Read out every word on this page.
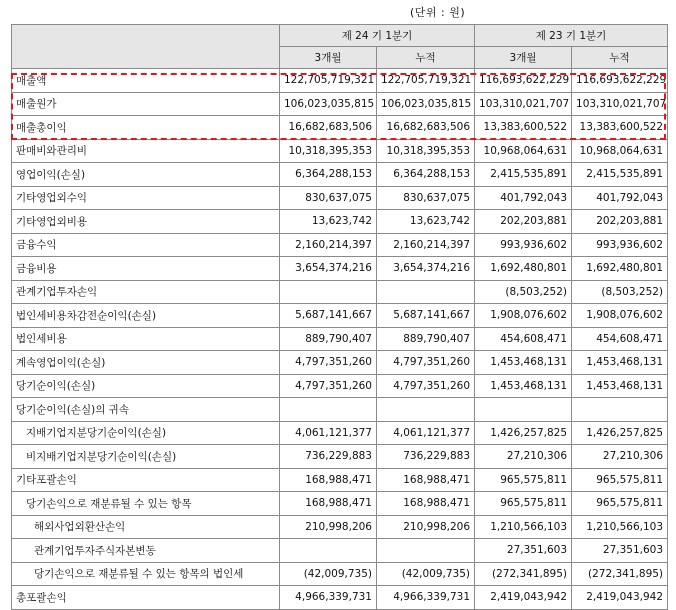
(단위 : 원)
	제 24 기 1분기		제 23 기 1분기	
	3개월	누적	3개월	누적
매출액	122,705,719,321	122,705,719,321	116,693,622,229	116,693,622,229
매출원가	106,023,035,815	106,023,035,815	103,310,021,707	103,310,021,707
매출총이익	16,682,683,506	16,682,683,506	13,383,600,522	13,383,600,522
판매비와관리비	10,318,395,353	10,318,395,353	10,968,064,631	10,968,064,631
영업이익(손실)	6,364,288,153	6,364,288,153	2,415,535,891	2,415,535,891
기타영업외수익	830,637,075	830,637,075	401,792,043	401,792,043
기타영업외비용	13,623,742	13,623,742	202,203,881	202,203,881
금융수익	2,160,214,397	2,160,214,397	993,936,602	993,936,602
금융비용	3,654,374,216	3,654,374,216	1,692,480,801	1,692,480,801
관계기업투자손익			(8,503,252)	(8,503,252)
법인세비용차감전순이익(손실)	5,687,141,667	5,687,141,667	1,908,076,602	1,908,076,602
법인세비용	889,790,407	889,790,407	454,608,471	454,608,471
계속영업이익(손실)	4,797,351,260	4,797,351,260	1,453,468,131	1,453,468,131
당기순이익(손실)	4,797,351,260	4,797,351,260	1,453,468,131	1,453,468,131
당기순이익(손실)의 귀속				
지배기업지분당기순이익(손실)	4,061,121,377	4,061,121,377	1,426,257,825	1,426,257,825
비지배기업지분당기순이익(손실)	736,229,883	736,229,883	27,210,306	27,210,306
기타포괄손익	168,988,471	168,988,471	965,575,811	965,575,811
당기손익으로 재분류될 수 있는 항목	168,988,471	168,988,471	965,575,811	965,575,811
해외사업외환산손익	210,998,206	210,998,206	1,210,566,103	1,210,566,103
관계기업투자주식자본변동			27,351,603	27,351,603
당기손익으로 재분류될 수 있는 항목의 법인세	(42,009,735)	(42,009,735)	(272,341,895)	(272,341,895)
총포괄손익	4,966,339,731	4,966,339,731	2,419,043,942	2,419,043,942
